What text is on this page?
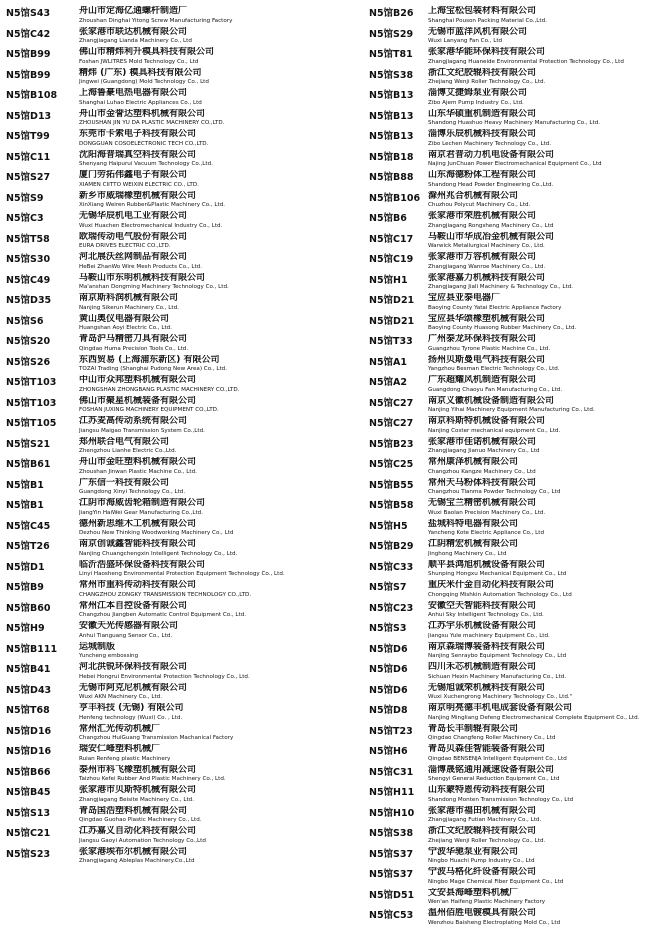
N5馆S43	舟山市定海亿通螺杆制造厂
Zhoushan Dinghai Yitong Screw Manufacturing Factory
N5馆C42	张家港市联达机械有限公司
Zhangjiagang Lianda Machinery Co., Ltd
N5馆B99	佛山市精炜利升模具科技有限公司
Foshan JWLITRES Mold Technology Co., Ltd
N5馆B99	精炜 (广东) 模具科技有限公司
Jingwei (Guangdong) Mold Technology Co., Ltd
N5馆B108	上海鲁豪电热电器有限公司
Shanghai Luhao Electric Appliances Co., Ltd
N5馆D13	舟山市金誉达塑料机械有限公司
ZHOUSHAN JIN YU DA PLASTIC MACHINERY CO.,LTD.
N5馆T99	东莞市卡索电子科技有限公司
DONGGUAN COSOELECTRONIC TECH CO.,LTD.
N5馆C11	沈阳海普瑞真空科技有限公司
Shenyang Haipurui Vacuum Technology Co.,Ltd.
N5馆S27	厦门劳拓伟鑫电子有限公司
XIAMEN CIITTO WEIXIN ELECTRIC CO., LTD.
N5馆S9	新乡市威瑞橡塑机械有限公司
XinXiang Weiren Rubber&Plastic Machinery Co., Ltd.
N5馆C3	无锡华辰机电工业有限公司
Wuxi Huachen Electromechanical Industry Co., Ltd.
N5馆T58	欧瑞传动电气股份有限公司
EURA DRIVES ELECTRIC CO.,LTD.
N5馆S30	河北展沃丝网制品有限公司
HeBei ZhanWo Wire Mesh Products Co., Ltd.
N5馆C49	马鞍山市东明机械科技有限公司
Ma'anshan Dongming Machinery Technology Co., Ltd.
N5馆D35	南京斯科润机械有限公司
Nanjing Sikerun Machinery Co., Ltd.
N5馆S6	黄山奥仪电器有限公司
Huangshan Aoyi Electric Co., Ltd.
N5馆S20	青岛沪马精密刀具有限公司
Qingdao Huma Precision Tools Co., Ltd.
N5馆S26	东西贸易 (上海浦东新区) 有限公司
TOZAI Trading (Shanghai Pudong New Area) Co., Ltd.
N5馆T103	中山市众邦塑料机械有限公司
ZHONGSHAN ZHONGBANG PLASTIC MACHINERY CO.,LTD.
N5馆T103	佛山市聚星机械装备有限公司
FOSHAN JUXING MACHINERY EQUIPMENT CO.,LTD.
N5馆T105	江苏麦高传动系统有限公司
Jiangsu Maigao Transmission System Co.,Ltd.
N5馆S21	郑州联合电气有限公司
Zhengzhou Lianhe Electric Co.,Ltd.
N5馆B61	舟山市金旺塑料机械有限公司
Zhoushan Jinwan Plastic Machine Co., Ltd.
N5馆B1	广东信一科技有限公司
Guangdong Xinyi Technology Co., Ltd.
N5馆B1	江阴市海威齿轮箱制造有限公司
JiangYin HaiWei Gear Manufacturing Co.,Ltd.
N5馆C45	德州新思维木工机械有限公司
Dezhou New Thinking Woodworking Machinery Co., Ltd
N5馆T26	南京创诚鑫智能科技有限公司
Nanjing Chuangchengxin Intelligent Technology Co., Ltd.
N5馆D1	临沂浩盛环保设备科技有限公司
Linyi Haosheng Environmental Protection Equipment Technology Co., Ltd.
N5馆B9	常州市重科传动科技有限公司
CHANGZHOU ZONGKY TRANSMISSION TECHNOLOGY CO.,LTD.
N5馆B60	常州江本自控设备有限公司
Changzhou Jiangben Automatic Control Equipment Co., Ltd.
N5馆H9	安徽天光传感器有限公司
Anhui Tianguang Sensor Co., Ltd.
N5馆B111	运城制版
Yuncheng embossing
N5馆B41	河北洪锐环保科技有限公司
Hebei Hongrui Environmental Protection Technology Co., Ltd.
N5馆D43	无锡市阿克尼机械有限公司
Wuxi AKN Machinery Co., Ltd.
N5馆T68	亨丰科技 (无锡) 有限公司
Henfeng technology (Wuxi) Co. , Ltd.
N5馆D16	常州汇光传动机械厂
Changzhou HuiGuang Transmission Machanical Factory
N5馆D16	瑞安仁峰塑料机械厂
Ruian Renfeng plastic Machinery
N5馆B66	泰州市科飞橡塑机械有限公司
Taizhou Kefei Rubber And Plastic Machinery Co., Ltd.
N5馆B45	张家港市贝斯特机械有限公司
Zhangjiagang Beisite Machinery Co., Ltd.
N5馆S13	青岛国浩塑料机械有限公司
Qingdao Guohao Plastic Machinery Co., Ltd.
N5馆C21	江苏嘉义自动化科技有限公司
Jiangsu Gaoyi Automation Technology Co.,Ltd
N5馆S23	张家港埃布尔机械有限公司
Zhangjiagang Ableplas Machinery.Co.,Ltd
N5馆B26	上海宝松包装材料有限公司
Shanghai Pouson Packing Material Co.,Ltd.
N5馆S29	无锡市蓝洋风机有限公司
Wuxi Lanyang Fan Co., Ltd
N5馆T81	张家港华能环保科技有限公司
Zhangjiagang Huaneide Environmental Protection Technology Co., Ltd
N5馆S38	浙江文纪胶辊科技有限公司
Zhejiang Wenji Roller Technology Co., Ltd.
N5馆B13	淄博艾捷姆泵业有限公司
Zibo Ajem Pump Industry Co., Ltd.
N5馆B13	山东华硕重机制造有限公司
Shandong Huashuo Heavy Machinery Manufacturing Co., Ltd.
N5馆B13	淄博乐辰机械科技有限公司
Zibo Lechen Machinery Technology Co., Ltd.
N5馆B18	南京君普动力机电设备有限公司
Najing JunChuan Power Electromechanical Equipment Co., Ltd
N5馆B88	山东海德粉体工程有限公司
Shandong Head Powder Engineering Co.,Ltd.
N5馆B106 滁州兆合机械有限公司
Chuzhou Polycut Machinery Co., Ltd.
N5馆B6	张家港市荣胜机械有限公司
Zhangjiagang Rongsheng Machinery Co., Ltd
N5馆C17	马鞍山市华成冶金机械有限公司
Warwick Metallurgical Machinery Co., Ltd.
N5馆C19	张家港市万容机械有限公司
Zhangjiagang Wanroe Machinery Co., Ltd.
N5馆H1	张家港嘉力机械科技有限公司
Zhangjiagang Jiali Machinery & Technology Co., Ltd.
N5馆D21	宝应县亚泰电器厂
Baoying County Yatai Electric Appliance Factory
N5馆D21	宝应县华颂橡塑机械有限公司
Baoying County Huasong Rubber Machinery Co., Ltd.
N5馆T33	广州泰龙环保科技有限公司
Guangzhou Tyrone Plastic Machine Co., Ltd.
N5馆A1	扬州贝斯曼电气科技有限公司
Yangzhou Besman Electric Technology Co., Ltd.
N5馆A2	广东超耀风机制造有限公司
Guangdong Chaoyu Fan Manufacturing Co., Ltd.
N5馆C27	南京义徽机械设备制造有限公司
Nanjing Yihai Machinery Equipment Manufacturing Co., Ltd.
N5馆C27	南京科斯特机械设备有限公司
Nanjing Coster mechanical equipment Co., Ltd.
N5馆B23	张家港市佳诺机械有限公司
Zhangjiagang Jianuo Machinery Co., Ltd
N5馆C25	常州康泽机械有限公司
Changzhou Kangze Machinery Co., Ltd
N5馆B55	常州天马粉体科技有限公司
Changzhou Tianma Powder Technology Co., Ltd
N5馆B58	无锡宝兰精密机械有限公司
Wuxi Baolan Precision Machinery Co., Ltd.
N5馆H5	盐城科特电器有限公司
Yancheng Kote Electric Appliance Co., Ltd
N5馆B29	江阴精宏机械有限公司
Jinghong Machinery Co., Ltd
N5馆C33	顺平县鸿旭机械设备有限公司
Shunping Hongxu Mechanical Equipment Co., Ltd
N5馆S7	重庆米什金自动化科技有限公司
Chongqing Mishkin Automation Technology Co., Ltd
N5馆C23	安徽空天智能科技有限公司
Anhui Sky Intelligent Technology Co., Ltd.
N5馆S3	江苏宇乐机械设备有限公司
Jiangsu Yule machinery Equipment Co., Ltd.
N5馆D6	南京森瑞博装备科技有限公司
Nanjing Senraybo Equipment Technology Co., Ltd
N5馆D6	四川禾芯机械制造有限公司
Sichuan Hexin Machinery Manufacturing Co., Ltd.
N5馆D6	无锡旭诚荣机械科技有限公司
Wuxi Xuchengrong Machinery Technology Co., Ltd."
N5馆D8	南京明亮德丰机电成套设备有限公司
Nanjing Mingliang Defeng Electromechanical Complete Equipment Co., Ltd.
N5馆T23	青岛长丰制辊有限公司
Qingdao Changfeng Roller Machinery Co., Ltd
N5馆H6	青岛贝森佳智能装备有限公司
Qingdao BENSENJA Intelligent Equipment Co., Ltd
N5馆C31	淄博晟铭通用减速设备有限公司
Shengyi General Reduction Equipment Co., Ltd
N5馆H11	山东蒙特恩传动科技有限公司
Shandong Monten Transmission Technology Co., Ltd
N5馆H10	张家港市福田机械有限公司
Zhangjiagang Futian Machinery Co., Ltd.
N5馆S38	浙江文纪胶辊科技有限公司
Zhejiang Wenji Roller Technology Co., Ltd.
N5馆S37	宁波华驰泵业有限公司
Ningbo Huachi Pump Industry Co., Ltd
N5馆S37	宁波马格化纤设备有限公司
Ningbo Mage Chemical Fiber Equipment Co., Ltd
N5馆D51	文安县海峰塑料机械厂
Wen'an Haifeng Plastic Machinery Factory
N5馆C53	温州佰胜电镀模具有限公司
Wenzhou Baisheng Electroplating Mold Co., Ltd
